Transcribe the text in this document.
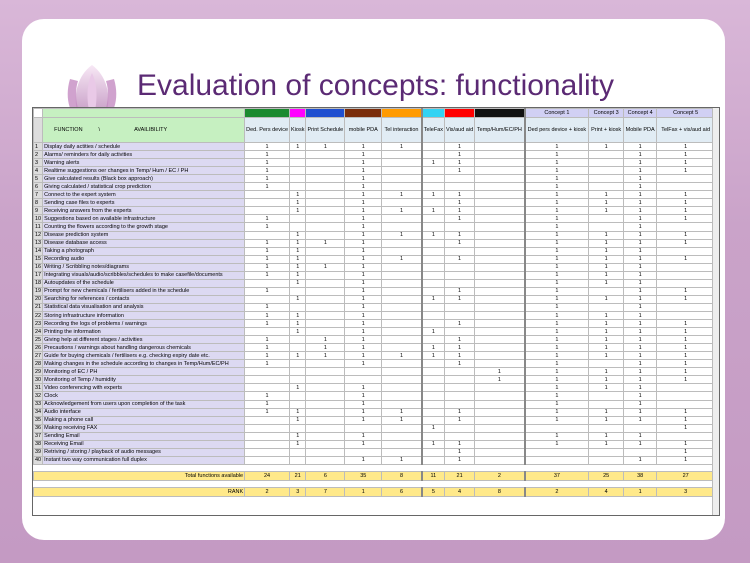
Evaluation of concepts: functionality
										Concept 1	Concept 3	Concept 4	Concept 5
	FUNCTION \ AVAILIBILITY	Ded. Pers device	Kiosk	Print Schedule	mobile PDA	Tel interaction	TeleFax	Vis/aud aid	Temp/Hum/EC/PH	Ded pers device + kiosk	Print + kiosk	Mobile PDA	TelFax + vis/aud aid
1	Display daily actities / schedule	1	1	1	1	1		1		1	1	1	1
2	Alarms/ reminders for daily activities	1			1			1		1		1	1
3	Warning alerts	1			1		1	1		1		1	1
4	Realtime suggestions oer changes in Temp/ Hum / EC / PH	1			1			1		1		1	1
5	Give calculated results (Black box approach)	1			1					1		1	
6	Giving calculated / statistical crop prediction	1			1					1		1	
7	Connect to the expert system		1		1	1	1	1		1	1	1	1
8	Sending case files to experts		1		1			1		1	1	1	1
9	Receiving answers from the experts		1		1	1	1	1		1	1	1	1
10	Suggestions based on available infrastructure	1			1			1		1		1	1
11	Counting the flowers according to the growth stage	1			1					1		1	
12	Disease prediction system		1		1	1	1	1		1	1	1	1
13	Disease database access	1	1	1	1			1		1	1	1	1
14	Taking a photograph	1	1		1					1	1	1	
15	Recording audio	1	1		1	1		1		1	1	1	1
16	Writing / Scribbling notes/diagrams	1	1	1	1					1	1	1	
17	Integrating visuals/audio/scribbles/schedules to make casefile/documents	1	1		1					1	1	1	
18	Autoupdates of the schedule		1		1					1	1	1	
19	Prompt for new chemicals / fertilisers added in the schedule	1			1			1		1		1	1
20	Searching for references / contacts		1		1		1	1		1	1	1	1
21	Statistical data visualisation and analysis	1			1					1		1	
22	Storing infrastructure information	1	1		1					1	1	1	
23	Recording the logs of problems / warnings	1	1		1			1		1	1	1	1
24	Printing the information		1		1		1			1	1	1	1
25	Giving help at different stages / activities	1		1	1			1		1	1	1	1
26	Precautions / warnings about handling dangerous chemicals	1		1	1		1	1		1	1	1	1
27	Guide for buying chemicals / fertilisers e.g. checking expiry date etc.	1	1	1	1	1	1	1		1	1	1	1
28	Making changes in the schedule according to changes in Temp/Hum/EC/PH	1			1			1		1		1	1
29	Monitoring of EC / PH								1	1	1	1	1
30	Monitoring of Temp / humidity								1	1	1	1	1
31	Video conferencing with experts		1		1					1	1	1	
32	Clock	1			1					1		1	
33	Acknowledgement from users upon completion of the task	1			1					1		1	
34	Audio interface	1	1		1	1		1		1	1	1	1
35	Making a phone call		1		1	1		1		1	1	1	1
36	Making receiving FAX						1						1
37	Sending Email		1		1					1	1	1	
38	Receiving Email		1		1		1	1		1	1	1	1
39	Retriving / storing / playback of audio messages							1					1
40	Instant two way communication full duplex				1	1		1				1	1

Total functions available		24	21	6	35	8	11	21	2	37	25	38	27

RANK		2	3	7	1	6	5	4	8	2	4	1	3
